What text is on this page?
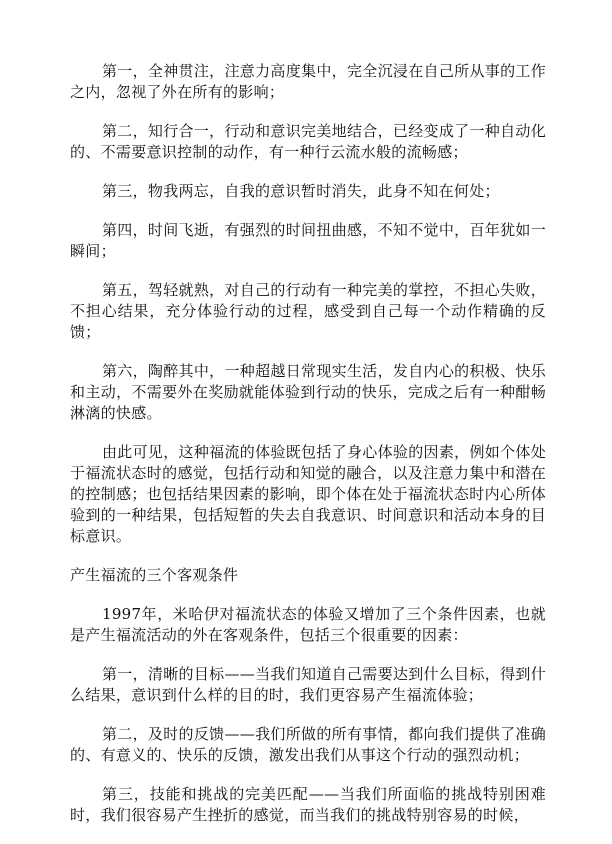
第一，全神贯注，注意力高度集中，完全沉浸在自己所从事的工作之内，忽视了外在所有的影响；

第二，知行合一，行动和意识完美地结合，已经变成了一种自动化的、不需要意识控制的动作，有一种行云流水般的流畅感；

第三，物我两忘，自我的意识暂时消失，此身不知在何处；

第四，时间飞逝，有强烈的时间扭曲感，不知不觉中，百年犹如一瞬间；

第五，驾轻就熟，对自己的行动有一种完美的掌控，不担心失败，不担心结果，充分体验行动的过程，感受到自己每一个动作精确的反馈；

第六，陶醉其中，一种超越日常现实生活，发自内心的积极、快乐和主动，不需要外在奖励就能体验到行动的快乐，完成之后有一种酣畅淋漓的快感。

由此可见，这种福流的体验既包括了身心体验的因素，例如个体处于福流状态时的感觉，包括行动和知觉的融合，以及注意力集中和潜在的控制感；也包括结果因素的影响，即个体在处于福流状态时内心所体验到的一种结果，包括短暂的失去自我意识、时间意识和活动本身的目标意识。

产生福流的三个客观条件

1997年，米哈伊对福流状态的体验又增加了三个条件因素，也就是产生福流活动的外在客观条件，包括三个很重要的因素：

第一，清晰的目标——当我们知道自己需要达到什么目标，得到什么结果，意识到什么样的目的时，我们更容易产生福流体验；

第二，及时的反馈——我们所做的所有事情，都向我们提供了准确的、有意义的、快乐的反馈，激发出我们从事这个行动的强烈动机；

第三，技能和挑战的完美匹配——当我们所面临的挑战特别困难时，我们很容易产生挫折的感觉，而当我们的挑战特别容易的时候，
